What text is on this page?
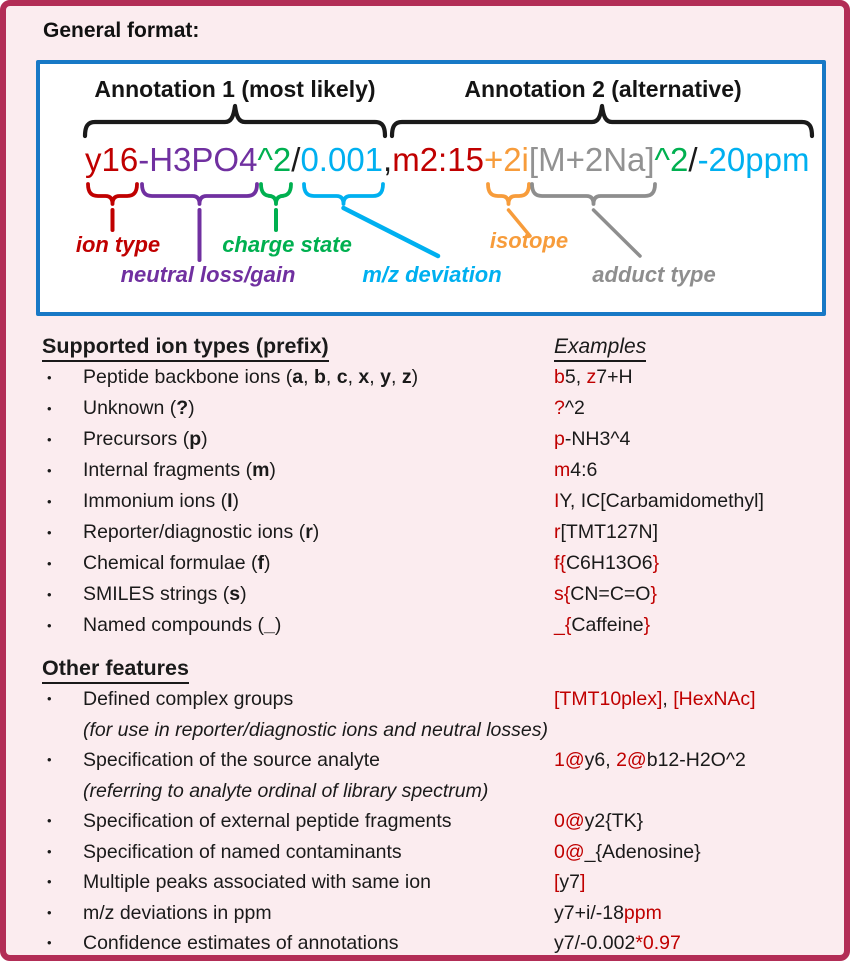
General format:
Annotation 1 (most likely)	Annotation 2 (alternative)
y16-H3PO4^2/0.001,m2:15+2i[M+2Na]^2/-20ppm
ion type
neutral loss/gain
charge state
m/z deviation
isotope
adduct type
Supported ion types (prefix)	Examples
•	Peptide backbone ions (a, b, c, x, y, z)	b5, z7+H
•	Unknown (?)	?^2
•	Precursors (p)	p-NH3^4
•	Internal fragments (m)	m4:6
•	Immonium ions (I)	IY, IC[Carbamidomethyl]
•	Reporter/diagnostic ions (r)	r[TMT127N]
•	Chemical formulae (f)	f{C6H13O6}
•	SMILES strings (s)	s{CN=C=O}
•	Named compounds (_)	_{Caffeine}
Other features
•	Defined complex groups	[TMT10plex], [HexNAc]
(for use in reporter/diagnostic ions and neutral losses)
•	Specification of the source analyte	1@y6, 2@b12-H2O^2
(referring to analyte ordinal of library spectrum)
•	Specification of external peptide fragments	0@y2{TK}
•	Specification of named contaminants	0@_{Adenosine}
•	Multiple peaks associated with same ion	[y7]
•	m/z deviations in ppm	y7+i/-18ppm
•	Confidence estimates of annotations	y7/-0.002*0.97
